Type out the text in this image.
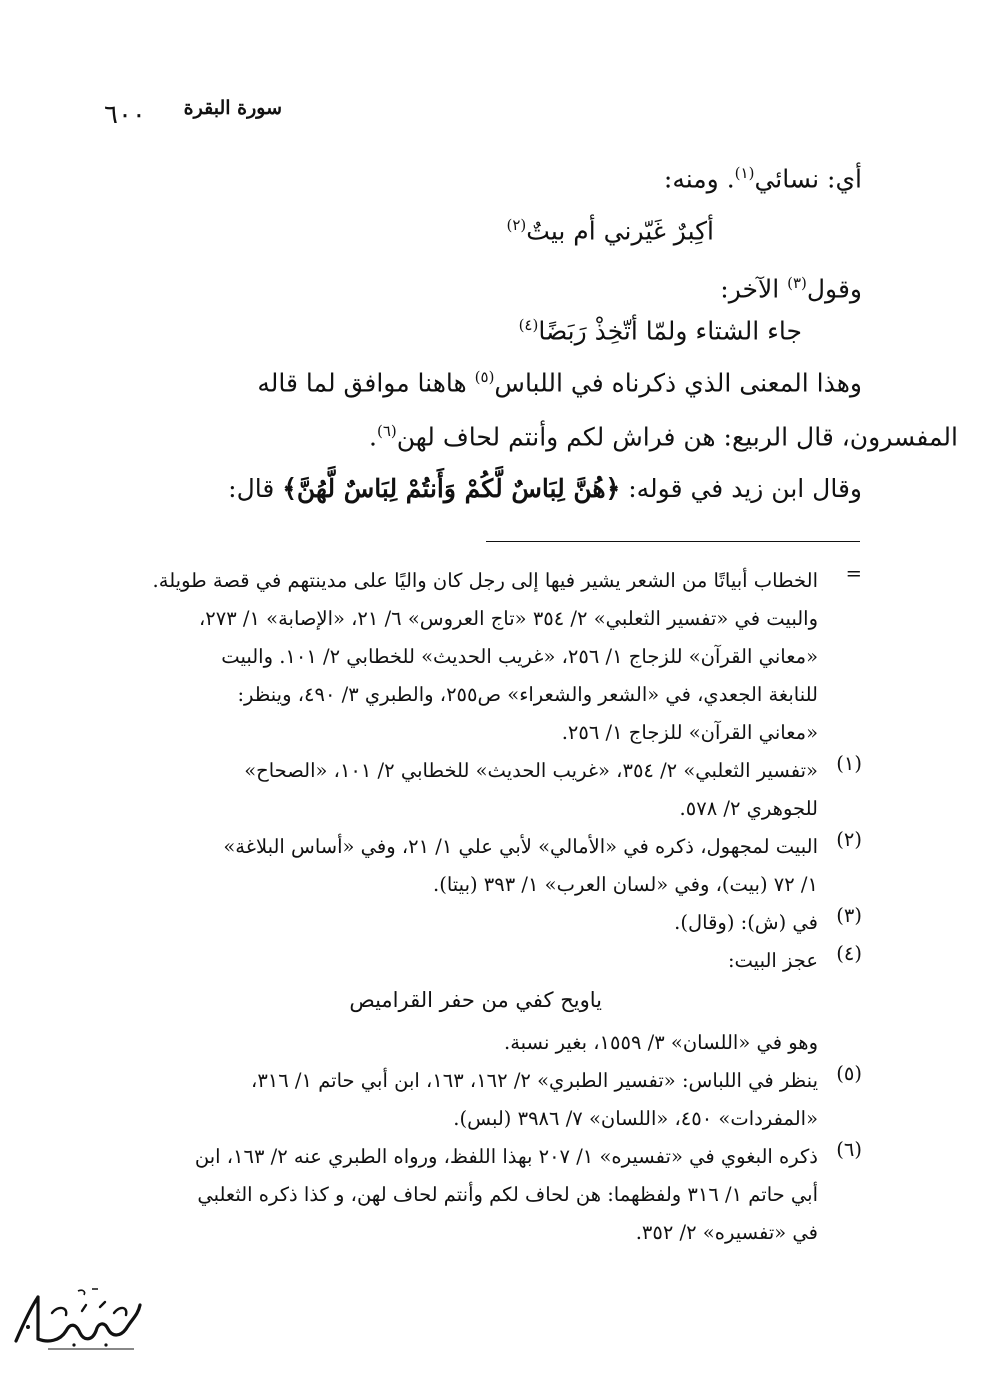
٦٠٠ سورة البقرة
أي: نسائي$^{(١)}$. ومنه:
أكِبرٌ غَيّرني أم بيتٌ$^{(٢)}$
وقول$^{(٣)}$ الآخر:
جاء الشتاء ولمّا أتّخِذْ رَبَضًا$^{(٤)}$
وهذا المعنى الذي ذكرناه في اللباس$^{(٥)}$ هاهنا موافق لما قاله
المفسرون، قال الربيع: هن فراش لكم وأنتم لحاف لهن$^{(٦)}$.
وقال ابن زيد في قوله: ﴿هُنَّ لِبَاسٌ لَّكُمْ وَأَنتُمْ لِبَاسٌ لَّهُنَّ﴾ قال:
=
الخطاب أبياتًا من الشعر يشير فيها إلى رجل كان واليًا على مدينتهم في قصة طويلة.
والبيت في «تفسير الثعلبي» ٢/ ٣٥٤ «تاج العروس» ٦/ ٢١، «الإصابة» ١/ ٢٧٣،
«معاني القرآن» للزجاج ١/ ٢٥٦، «غريب الحديث» للخطابي ٢/ ١٠١. والبيت
للنابغة الجعدي، في «الشعر والشعراء» ص٢٥٥، والطبري ٣/ ٤٩٠، وينظر:
«معاني القرآن» للزجاج ١/ ٢٥٦.
(١)
«تفسير الثعلبي» ٢/ ٣٥٤، «غريب الحديث» للخطابي ٢/ ١٠١، «الصحاح»
للجوهري ٢/ ٥٧٨.
(٢)
البيت لمجهول، ذكره في «الأمالي» لأبي علي ١/ ٢١، وفي «أساس البلاغة»
١/ ٧٢ (بيت)، وفي «لسان العرب» ١/ ٣٩٣ (بيتا).
(٣)
في (ش): (وقال).
(٤)
عجز البيت:
ياويح كفي من حفر القراميص
وهو في «اللسان» ٣/ ١٥٥٩، بغير نسبة.
(٥)
ينظر في اللباس: «تفسير الطبري» ٢/ ١٦٢، ١٦٣، ابن أبي حاتم ١/ ٣١٦،
«المفردات» ٤٥٠، «اللسان» ٧/ ٣٩٨٦ (لبس).
(٦)
ذكره البغوي في «تفسيره» ١/ ٢٠٧ بهذا اللفظ، ورواه الطبري عنه ٢/ ١٦٣، ابن
أبي حاتم ١/ ٣١٦ ولفظهما: هن لحاف لكم وأنتم لحاف لهن، و كذا ذكره الثعلبي
في «تفسيره» ٢/ ٣٥٢.
